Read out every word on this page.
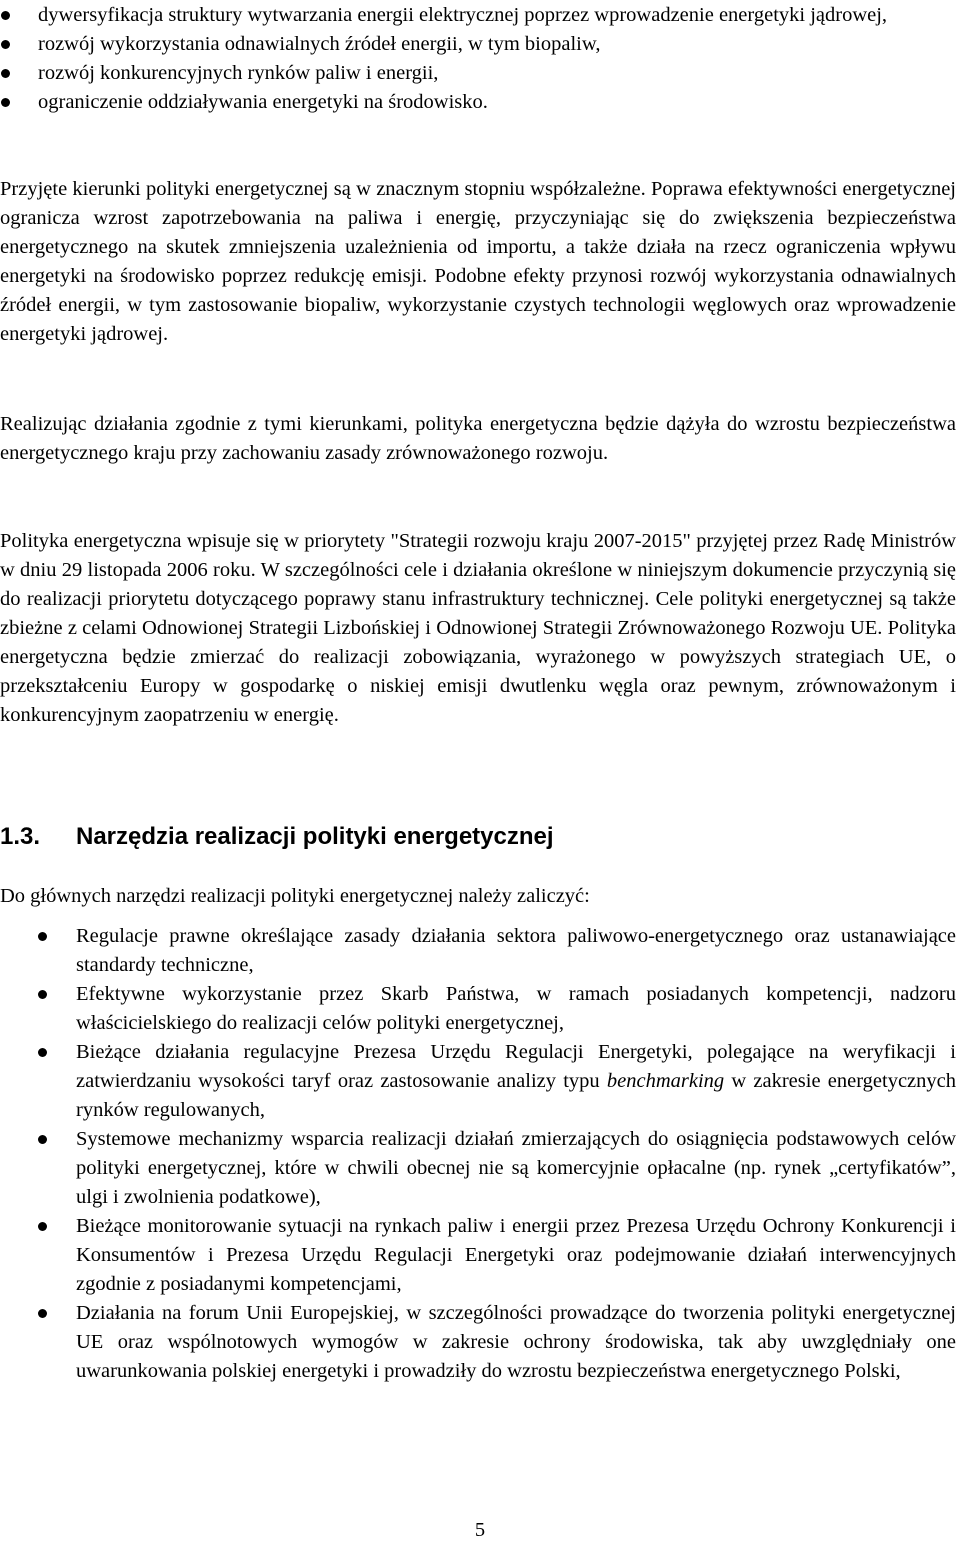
dywersyfikacja struktury wytwarzania energii elektrycznej poprzez wprowadzenie energetyki jądrowej,

rozwój wykorzystania odnawialnych źródeł energii, w tym biopaliw,

rozwój konkurencyjnych rynków paliw i energii,

ograniczenie oddziaływania energetyki na środowisko.

Przyjęte kierunki polityki energetycznej są w znacznym stopniu współzależne. Poprawa efektywności energetycznej ogranicza wzrost zapotrzebowania na paliwa i energię, przyczyniając się do zwiększenia bezpieczeństwa energetycznego na skutek zmniejszenia uzależnienia od importu, a także działa na rzecz ograniczenia wpływu energetyki na środowisko poprzez redukcję emisji. Podobne efekty przynosi rozwój wykorzystania odnawialnych źródeł energii, w tym zastosowanie biopaliw, wykorzystanie czystych technologii węglowych oraz wprowadzenie energetyki jądrowej.

Realizując działania zgodnie z tymi kierunkami, polityka energetyczna będzie dążyła do wzrostu bezpieczeństwa energetycznego kraju przy zachowaniu zasady zrównoważonego rozwoju.

Polityka energetyczna wpisuje się w priorytety "Strategii rozwoju kraju 2007-2015" przyjętej przez Radę Ministrów w dniu 29 listopada 2006 roku. W szczególności cele i działania określone w niniejszym dokumencie przyczynią się do realizacji priorytetu dotyczącego poprawy stanu infrastruktury technicznej. Cele polityki energetycznej są także zbieżne z celami Odnowionej Strategii Lizbońskiej i Odnowionej Strategii Zrównoważonego Rozwoju UE. Polityka energetyczna będzie zmierzać do realizacji zobowiązania, wyrażonego w powyższych strategiach UE, o przekształceniu Europy w gospodarkę o niskiej emisji dwutlenku węgla oraz pewnym, zrównoważonym i konkurencyjnym zaopatrzeniu w energię.

1.3. Narzędzia realizacji polityki energetycznej

Do głównych narzędzi realizacji polityki energetycznej należy zaliczyć:

Regulacje prawne określające zasady działania sektora paliwowo-energetycznego oraz ustanawiające standardy techniczne,
Efektywne wykorzystanie przez Skarb Państwa, w ramach posiadanych kompetencji, nadzoru właścicielskiego do realizacji celów polityki energetycznej,
Bieżące działania regulacyjne Prezesa Urzędu Regulacji Energetyki, polegające na weryfikacji i zatwierdzaniu wysokości taryf oraz zastosowanie analizy typu benchmarking w zakresie energetycznych rynków regulowanych,
Systemowe mechanizmy wsparcia realizacji działań zmierzających do osiągnięcia podstawowych celów polityki energetycznej, które w chwili obecnej nie są komercyjnie opłacalne (np. rynek „certyfikatów”, ulgi i zwolnienia podatkowe),
Bieżące monitorowanie sytuacji na rynkach paliw i energii przez Prezesa Urzędu Ochrony Konkurencji i Konsumentów i Prezesa Urzędu Regulacji Energetyki oraz podejmowanie działań interwencyjnych zgodnie z posiadanymi kompetencjami,
Działania na forum Unii Europejskiej, w szczególności prowadzące do tworzenia polityki energetycznej UE oraz wspólnotowych wymogów w zakresie ochrony środowiska, tak aby uwzględniały one uwarunkowania polskiej energetyki i prowadziły do wzrostu bezpieczeństwa energetycznego Polski,

5
